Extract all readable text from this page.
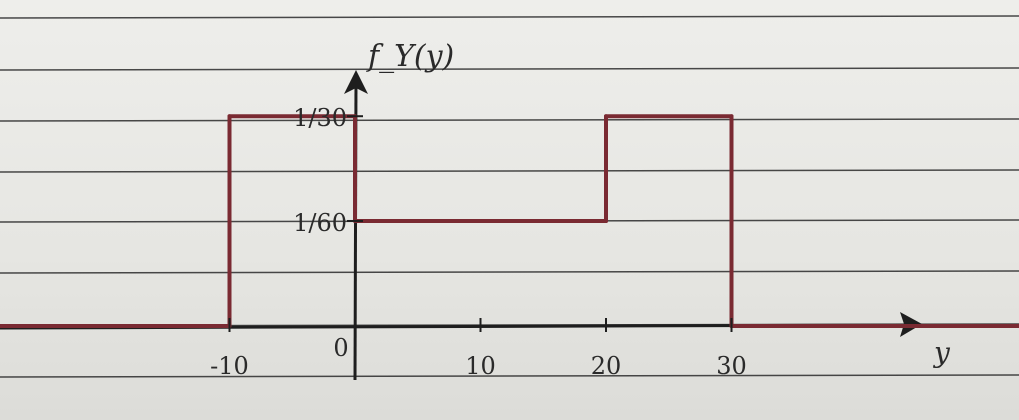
-10
0
10	20	30
1/30
1/60
f_Y(y)
y
